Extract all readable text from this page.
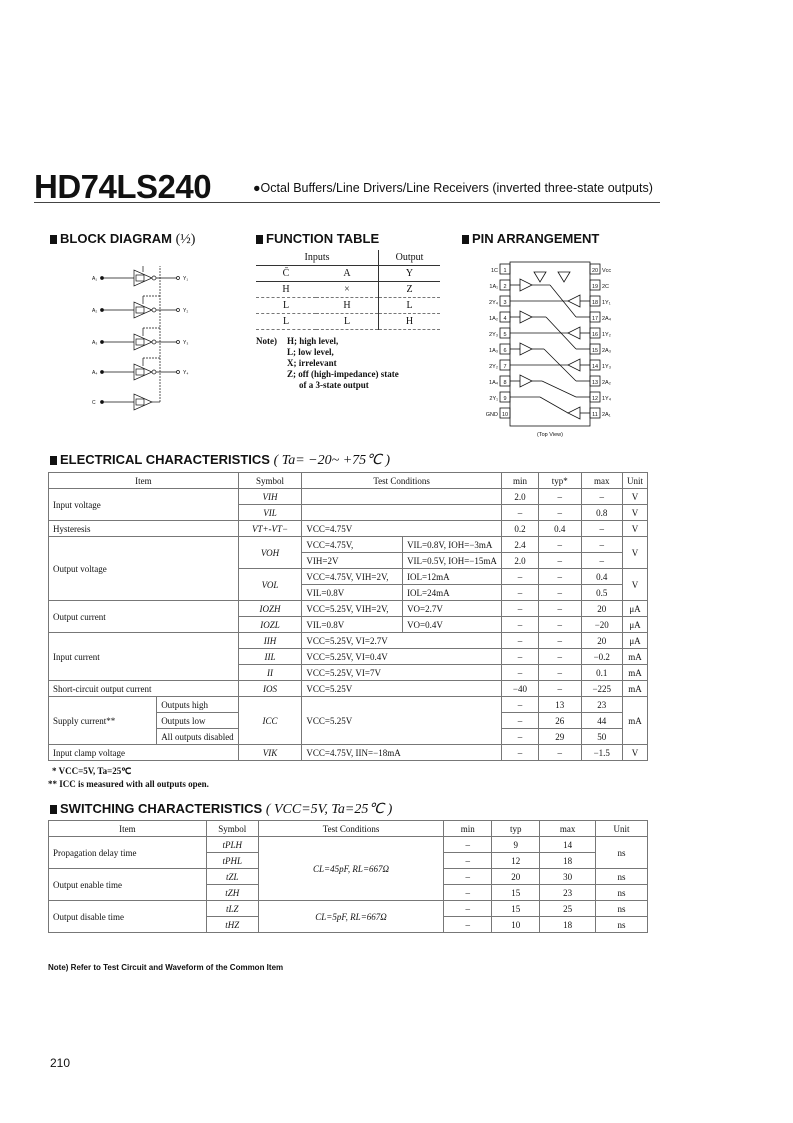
HD74LS240	●Octal Buffers/Line Drivers/Line Receivers (inverted three-state outputs)
BLOCK DIAGRAM (½)
A₁
A₂
A₃
A₄
C
Y₁
Y₂
Y₃
Y₄
FUNCTION TABLE
Inputs		Output
C̄	A	Y
H	×	Z
L	H	L
L	L	H
Note) H; high level,
L; low level,
X; irrelevant
Z; off (high-impedance) state
of a 3-state output
PIN ARRANGEMENT
1
2
3
4
5
6
7
8
9
10
20
19
18
17
16
15
14
13
12
11
1C
1A₁
2Y₄
1A₂
2Y₃
1A₃
2Y₂
1A₄
2Y₁
GND
Vcc
2C
1Y₁
2A₄
1Y₂
2A₃
1Y₃
2A₂
1Y₄
2A₁
(Top View)
ELECTRICAL CHARACTERISTICS ( Ta= −20~ +75℃ )
Item		Symbol	Test Conditions		min	typ*	max	Unit
Input voltage		VIH			2.0	–	–	V
		VIL			–	–	0.8	V
Hysteresis		VT+-VT−	VCC=4.75V		0.2	0.4	–	V
Output voltage		VOH	VCC=4.75V,	VIL=0.8V, IOH=−3mA	2.4	–	–	V
			VIH=2V	VIL=0.5V, IOH=−15mA	2.0	–	–	
		VOL	VCC=4.75V, VIH=2V,	IOL=12mA	–	–	0.4	V
			VIL=0.8V	IOL=24mA	–	–	0.5	
Output current		IOZH	VCC=5.25V, VIH=2V,	VO=2.7V	–	–	20	μA
		IOZL	VIL=0.8V	VO=0.4V	–	–	−20	μA
Input current		IIH	VCC=5.25V, VI=2.7V		–	–	20	μA
		IIL	VCC=5.25V, VI=0.4V		–	–	−0.2	mA
		II	VCC=5.25V, VI=7V		–	–	0.1	mA
Short-circuit output current		IOS	VCC=5.25V		−40	–	−225	mA
Supply current**	Outputs high	ICC	VCC=5.25V		–	13	23	mA
	Outputs low				–	26	44	
	All outputs disabled				–	29	50	
Input clamp voltage		VIK	VCC=4.75V, IIN=−18mA		–	–	−1.5	V
* VCC=5V, Ta=25℃
** ICC is measured with all outputs open.
SWITCHING CHARACTERISTICS ( VCC=5V, Ta=25℃ )
Item	Symbol	Test Conditions	min	typ	max	Unit
Propagation delay time	tPLH	CL=45pF, RL=667Ω	–	9	14	ns
	tPHL		–	12	18	
Output enable time	tZL		–	20	30	ns
	tZH		–	15	23	ns
Output disable time	tLZ	CL=5pF, RL=667Ω	–	15	25	ns
	tHZ		–	10	18	ns
Note) Refer to Test Circuit and Waveform of the Common Item
210
